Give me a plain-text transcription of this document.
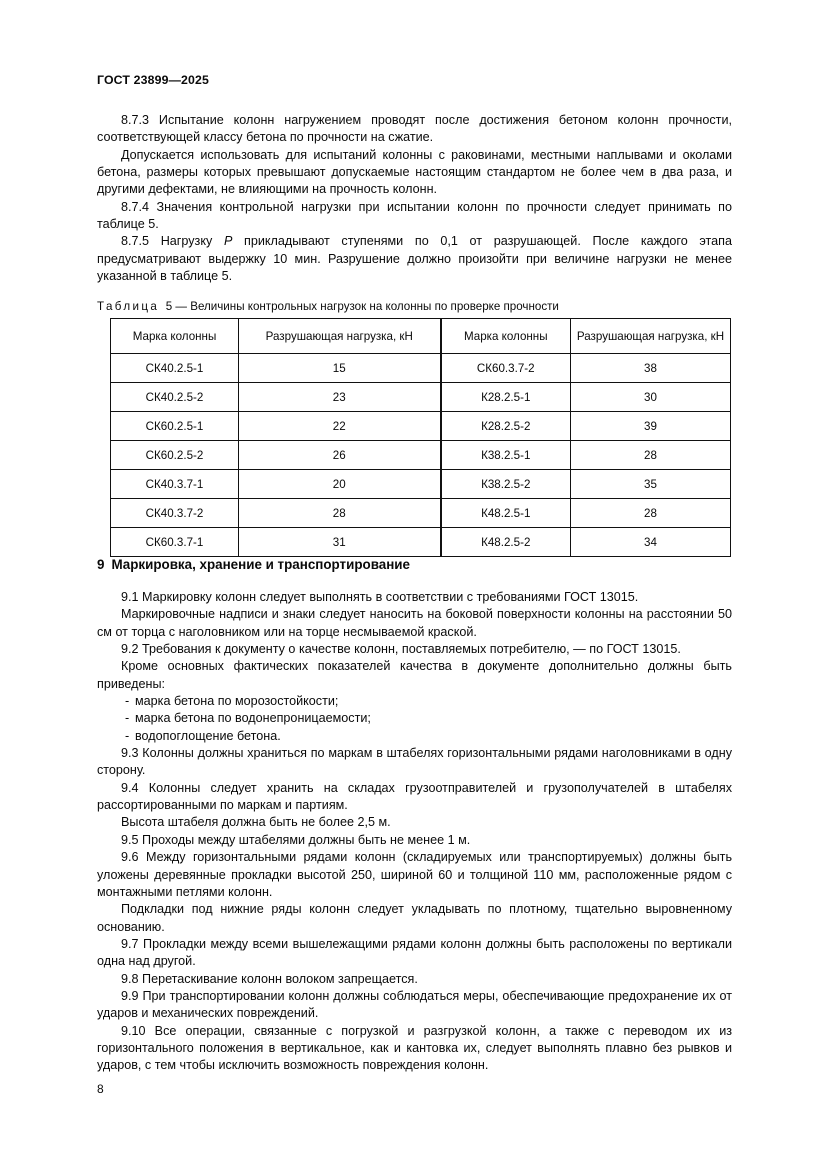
ГОСТ 23899—2025

8.7.3 Испытание колонн нагружением проводят после достижения бетоном колонн прочности, соответствующей классу бетона по прочности на сжатие.

Допускается использовать для испытаний колонны с раковинами, местными наплывами и околами бетона, размеры которых превышают допускаемые настоящим стандартом не более чем в два раза, и другими дефектами, не влияющими на прочность колонн.

8.7.4 Значения контрольной нагрузки при испытании колонн по прочности следует принимать по таблице 5.

8.7.5 Нагрузку P прикладывают ступенями по 0,1 от разрушающей. После каждого этапа предусматривают выдержку 10 мин. Разрушение должно произойти при величине нагрузки не менее указанной в таблице 5.

Таблица 5 — Величины контрольных нагрузок на колонны по проверке прочности

Марка колонны	Разрушающая нагрузка, кН	Марка колонны	Разрушающая нагрузка, кН
СК40.2.5-1	15	СК60.3.7-2	38
СК40.2.5-2	23	К28.2.5-1	30
СК60.2.5-1	22	К28.2.5-2	39
СК60.2.5-2	26	К38.2.5-1	28
СК40.3.7-1	20	К38.2.5-2	35
СК40.3.7-2	28	К48.2.5-1	28
СК60.3.7-1	31	К48.2.5-2	34
9 Маркировка, хранение и транспортирование

9.1 Маркировку колонн следует выполнять в соответствии с требованиями ГОСТ 13015.

Маркировочные надписи и знаки следует наносить на боковой поверхности колонны на расстоянии 50 см от торца с наголовником или на торце несмываемой краской.

9.2 Требования к документу о качестве колонн, поставляемых потребителю, — по ГОСТ 13015.

Кроме основных фактических показателей качества в документе дополнительно должны быть приведены:

- марка бетона по морозостойкости;
- марка бетона по водонепроницаемости;
- водопоглощение бетона.

9.3 Колонны должны храниться по маркам в штабелях горизонтальными рядами наголовниками в одну сторону.

9.4 Колонны следует хранить на складах грузоотправителей и грузополучателей в штабелях рассортированными по маркам и партиям.

Высота штабеля должна быть не более 2,5 м.

9.5 Проходы между штабелями должны быть не менее 1 м.

9.6 Между горизонтальными рядами колонн (складируемых или транспортируемых) должны быть уложены деревянные прокладки высотой 250, шириной 60 и толщиной 110 мм, расположенные рядом с монтажными петлями колонн.

Подкладки под нижние ряды колонн следует укладывать по плотному, тщательно выровненному основанию.

9.7 Прокладки между всеми вышележащими рядами колонн должны быть расположены по вертикали одна над другой.

9.8 Перетаскивание колонн волоком запрещается.

9.9 При транспортировании колонн должны соблюдаться меры, обеспечивающие предохранение их от ударов и механических повреждений.

9.10 Все операции, связанные с погрузкой и разгрузкой колонн, а также с переводом их из горизонтального положения в вертикальное, как и кантовка их, следует выполнять плавно без рывков и ударов, с тем чтобы исключить возможность повреждения колонн.

8
